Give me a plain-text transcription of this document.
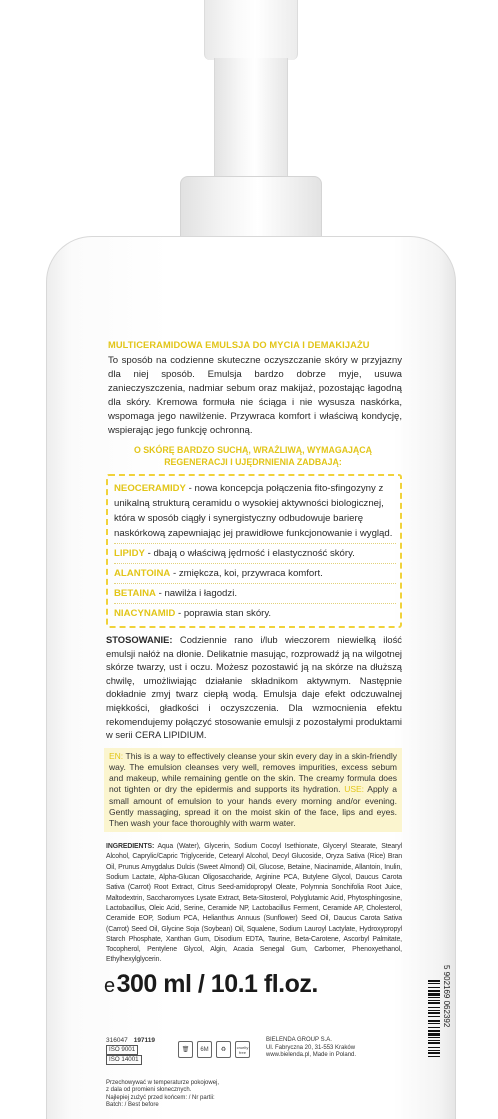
MULTICERAMIDOWA EMULSJA DO MYCIA I DEMAKIJAŻU

To sposób na codzienne skuteczne oczyszczanie skóry w przyjazny dla niej sposób. Emulsja bardzo dobrze myje, usuwa zanieczyszczenia, nadmiar sebum oraz makijaż, pozostając łagodną dla skóry. Kremowa formuła nie ściąga i nie wysusza naskórka, wspomaga jego nawilżenie. Przywraca komfort i właściwą kondycję, wspierając jego funkcję ochronną.

O SKÓRĘ BARDZO SUCHĄ, WRAŻLIWĄ, WYMAGAJĄCĄ REGENERACJI I UJĘDRNIENIA ZADBAJĄ:
NEOCERAMIDY - nowa koncepcja połączenia fito-sfingozyny z unikalną strukturą ceramidu o wysokiej aktywności biologicznej, która w sposób ciągły i synergistyczny odbudowuje barierę naskórkową zapewniając jej prawidłowe funkcjonowanie i wygląd.
LIPIDY - dbają o właściwą jędrność i elastyczność skóry.
ALANTOINA - zmiękcza, koi, przywraca komfort.
BETAINA - nawilża i łagodzi.
NIACYNAMID - poprawia stan skóry.
STOSOWANIE: Codziennie rano i/lub wieczorem niewielką ilość emulsji nałóż na dłonie. Delikatnie masując, rozprowadź ją na wilgotnej skórze twarzy, ust i oczu. Możesz pozostawić ją na skórze na dłuższą chwilę, umożliwiając działanie składnikom aktywnym. Następnie dokładnie zmyj twarz ciepłą wodą. Emulsja daje efekt odczuwalnej miękkości, gładkości i oczyszczenia. Dla wzmocnienia efektu rekomendujemy połączyć stosowanie emulsji z pozostałymi produktami w serii CERA LIPIDIUM.
EN: This is a way to effectively cleanse your skin every day in a skin-friendly way. The emulsion cleanses very well, removes impurities, excess sebum and makeup, while remaining gentle on the skin. The creamy formula does not tighten or dry the epidermis and supports its hydration. USE: Apply a small amount of emulsion to your hands every morning and/or evening. Gently massaging, spread it on the moist skin of the face, lips and eyes. Then wash your face thoroughly with warm water.
INGREDIENTS: Aqua (Water), Glycerin, Sodium Cocoyl Isethionate, Glyceryl Stearate, Stearyl Alcohol, Caprylic/Capric Triglyceride, Cetearyl Alcohol, Decyl Glucoside, Oryza Sativa (Rice) Bran Oil, Prunus Amygdalus Dulcis (Sweet Almond) Oil, Glucose, Betaine, Niacinamide, Allantoin, Inulin, Sodium Lactate, Alpha-Glucan Oligosaccharide, Arginine PCA, Butylene Glycol, Daucus Carota Sativa (Carrot) Root Extract, Citrus Seed-amidopropyl Oleate, Polymnia Sonchifolia Root Juice, Maltodextrin, Saccharomyces Lysate Extract, Beta-Sitosterol, Polyglutamic Acid, Phytosphingosine, Lactobacillus, Oleic Acid, Serine, Ceramide NP, Lactobacillus Ferment, Ceramide AP, Cholesterol, Ceramide EOP, Sodium PCA, Helianthus Annuus (Sunflower) Seed Oil, Daucus Carota Sativa (Carrot) Seed Oil, Glycine Soja (Soybean) Oil, Squalene, Sodium Lauroyl Lactylate, Hydroxypropyl Starch Phosphate, Xanthan Gum, Disodium EDTA, Taurine, Beta-Carotene, Ascorbyl Palmitate, Tocopherol, Pentylene Glycol, Algin, Acacia Senegal Gum, Carbomer, Phenoxyethanol, Ethylhexylglycerin.
e 300 ml / 10.1 fl.oz.
316047 197119
ISO 9001
ISO 14001
🗑	6M	♻	cruelty free
BIELENDA GROUP S.A.
Ul. Fabryczna 20, 31-553 Kraków
www.bielenda.pl, Made in Poland.
Przechowywać w temperaturze pokojowej,
z dala od promieni słonecznych.
Najlepiej zużyć przed końcem: / Nr partii:
Batch: / Best before
5 902169 062392
